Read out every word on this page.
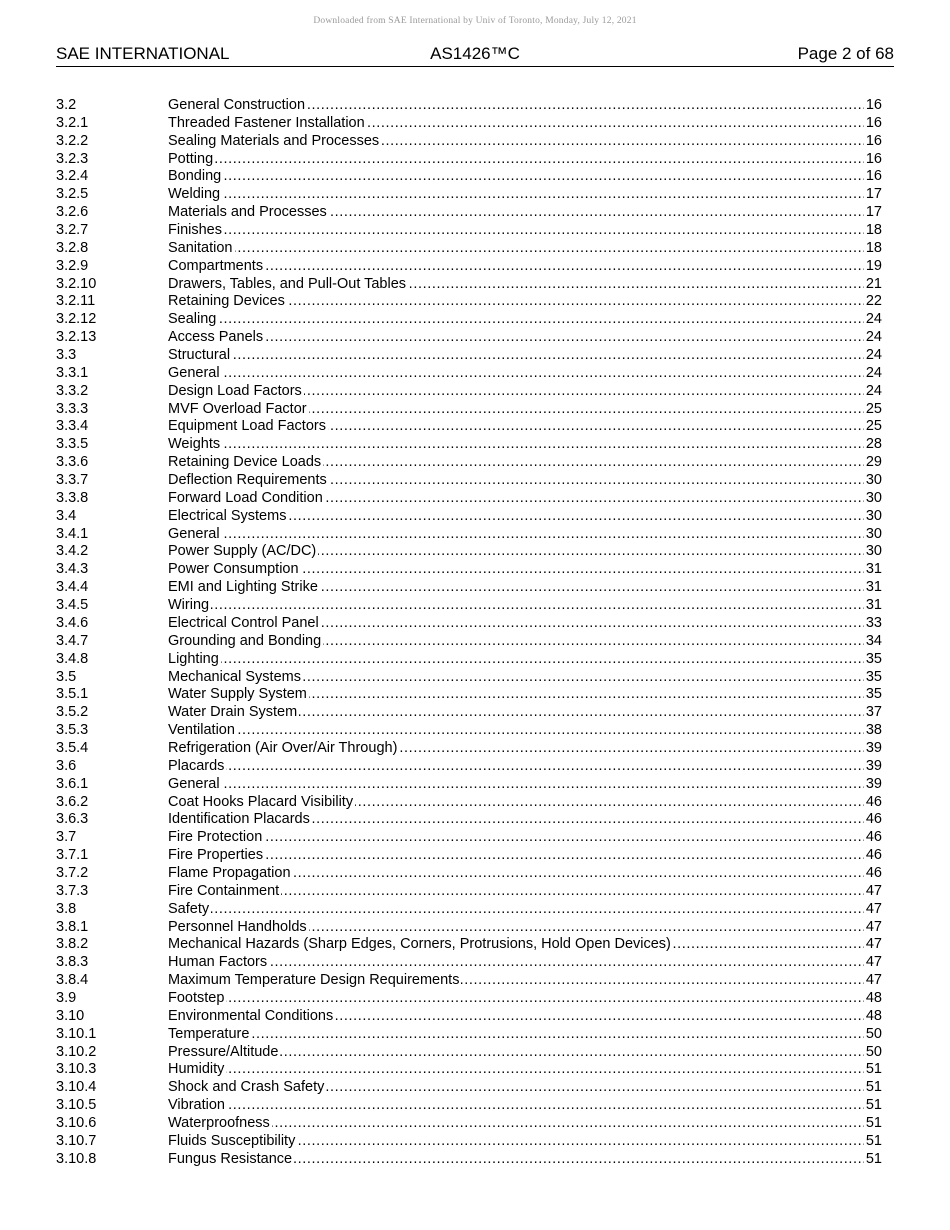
Downloaded from SAE International by Univ of Toronto, Monday, July 12, 2021
SAE INTERNATIONAL	AS1426™C	Page 2 of 68
3.2	General Construction	16
.....
3.2.1	Threaded Fastener Installation	16
.....
3.2.2	Sealing Materials and Processes	16
.....
3.2.3	Potting	16
.....
3.2.4	Bonding	16
.....
3.2.5	Welding	17
.....
3.2.6	Materials and Processes	17
.....
3.2.7	Finishes	18
.....
3.2.8	Sanitation	18
.....
3.2.9	Compartments	19
.....
3.2.10	Drawers, Tables, and Pull-Out Tables	21
.....
3.2.11	Retaining Devices	22
.....
3.2.12	Sealing	24
.....
3.2.13	Access Panels	24
.....
3.3	Structural	24
.....
3.3.1	General	24
.....
3.3.2	Design Load Factors	24
.....
3.3.3	MVF Overload Factor	25
.....
3.3.4	Equipment Load Factors	25
.....
3.3.5	Weights	28
.....
3.3.6	Retaining Device Loads	29
.....
3.3.7	Deflection Requirements	30
.....
3.3.8	Forward Load Condition	30
.....
3.4	Electrical Systems	30
.....
3.4.1	General	30
.....
3.4.2	Power Supply (AC/DC)	30
.....
3.4.3	Power Consumption	31
.....
3.4.4	EMI and Lighting Strike	31
.....
3.4.5	Wiring	31
.....
3.4.6	Electrical Control Panel	33
.....
3.4.7	Grounding and Bonding	34
.....
3.4.8	Lighting	35
.....
3.5	Mechanical Systems	35
.....
3.5.1	Water Supply System	35
.....
3.5.2	Water Drain System	37
.....
3.5.3	Ventilation	38
.....
3.5.4	Refrigeration (Air Over/Air Through)	39
.....
3.6	Placards	39
.....
3.6.1	General	39
.....
3.6.2	Coat Hooks Placard Visibility	46
.....
3.6.3	Identification Placards	46
.....
3.7	Fire Protection	46
.....
3.7.1	Fire Properties	46
.....
3.7.2	Flame Propagation	46
.....
3.7.3	Fire Containment	47
.....
3.8	Safety	47
.....
3.8.1	Personnel Handholds	47
.....
3.8.2	Mechanical Hazards (Sharp Edges, Corners, Protrusions, Hold Open Devices)	47
.....
3.8.3	Human Factors	47
.....
3.8.4	Maximum Temperature Design Requirements	47
.....
3.9	Footstep	48
.....
3.10	Environmental Conditions	48
.....
3.10.1	Temperature	50
.....
3.10.2	Pressure/Altitude	50
.....
3.10.3	Humidity	51
.....
3.10.4	Shock and Crash Safety	51
.....
3.10.5	Vibration	51
.....
3.10.6	Waterproofness	51
.....
3.10.7	Fluids Susceptibility	51
.....
3.10.8	Fungus Resistance	51
.....
